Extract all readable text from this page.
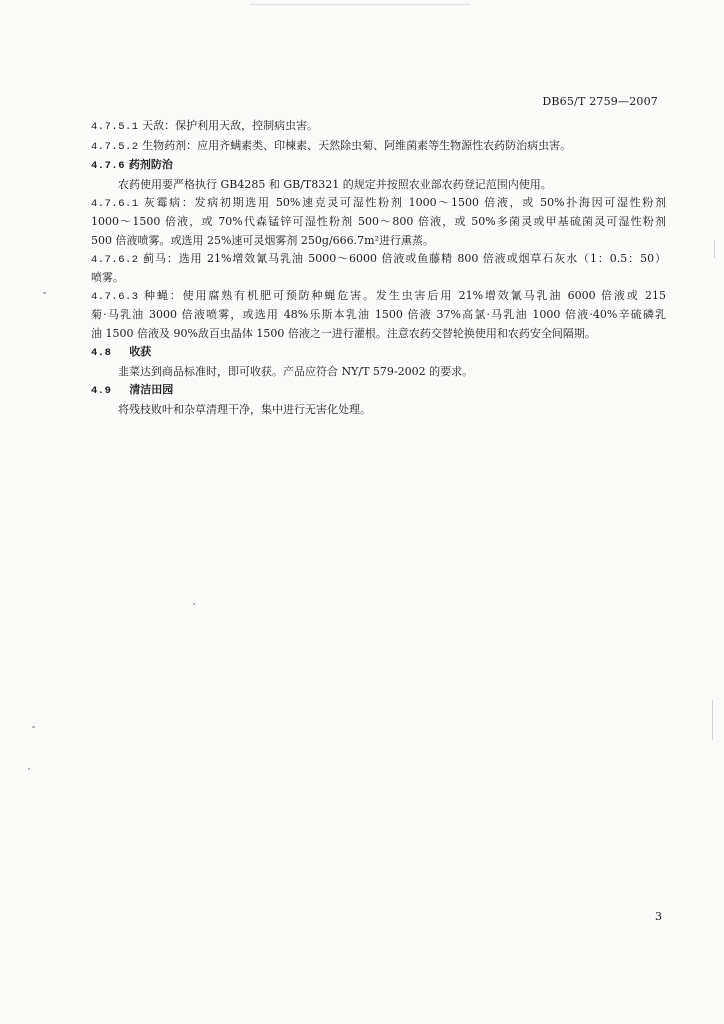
DB65/T 2759—2007
4.7.5.1 天敌：保护利用天敌，控制病虫害。
4.7.5.2 生物药剂：应用齐螨素类、印楝素、天然除虫菊、阿维菌素等生物源性农药防治病虫害。
4.7.6 药剂防治
农药使用要严格执行 GB4285 和 GB/T8321 的规定并按照农业部农药登记范围内使用。
4.7.6.1 灰霉病：发病初期选用 50%速克灵可湿性粉剂 1000～1500 倍液，或 50%扑海因可湿性粉剂
1000～1500 倍液，或 70%代森锰锌可湿性粉剂 500～800 倍液，或 50%多菌灵或甲基硫菌灵可湿性粉剂
500 倍液喷雾。或选用 25%速可灵烟雾剂 250g/666.7m²进行熏蒸。
4.7.6.2 蓟马：选用 21%增效氰马乳油 5000～6000 倍液或鱼藤精 800 倍液或烟草石灰水（1：0.5：50）
喷雾。
4.7.6.3 种蝇：使用腐熟有机肥可预防种蝇危害。发生虫害后用 21%增效氰马乳油 6000 倍液或 215
菊·马乳油 3000 倍液喷雾，或选用 48%乐斯本乳油 1500 倍液 37%高氯·马乳油 1000 倍液·40%辛硫磷乳
油 1500 倍液及 90%敌百虫晶体 1500 倍液之一进行灌根。注意农药交替轮换使用和农药安全间隔期。
4.8 收获
韭菜达到商品标准时，即可收获。产品应符合 NY/T 579-2002 的要求。
4.9 清洁田园
将残枝败叶和杂草清理干净，集中进行无害化处理。
3
